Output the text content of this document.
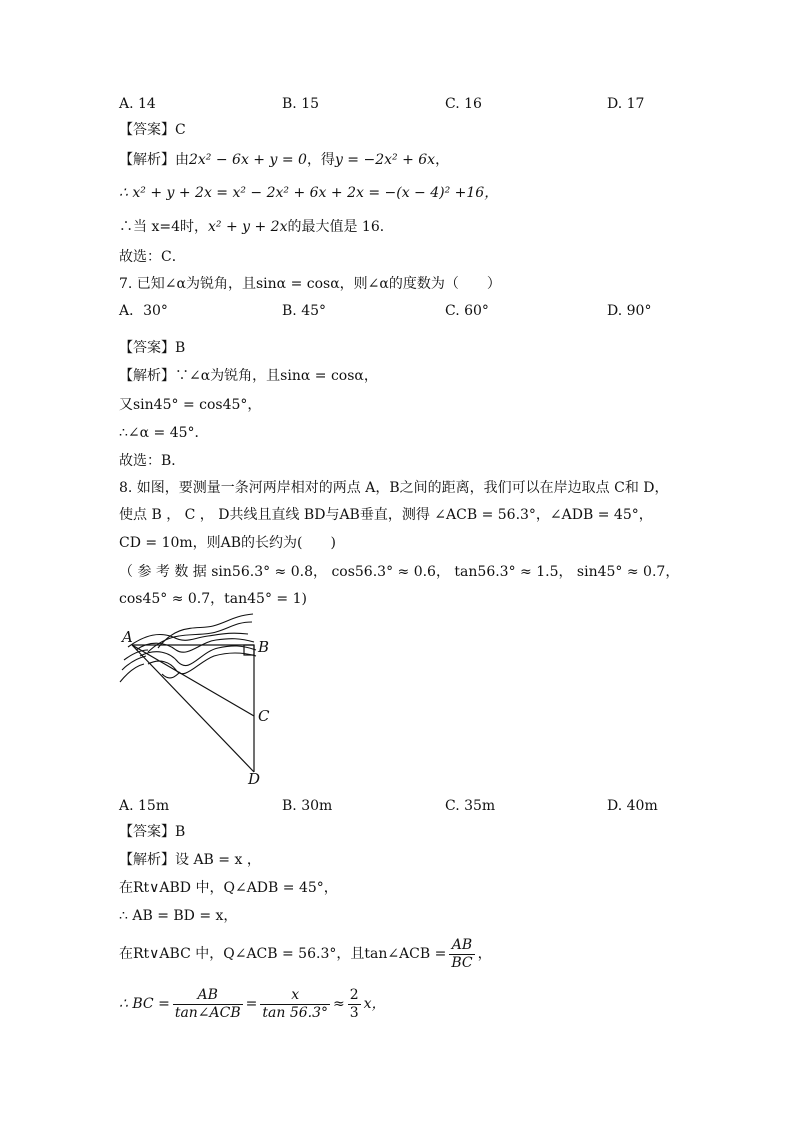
A. 14	B. 15	C. 16	D. 17
【答案】C
【解析】由2x² − 6x + y = 0，得y = −2x² + 6x，
∴ x² + y + 2x = x² − 2x² + 6x + 2x = −(x − 4)² +16，
∴当 x=4时，x² + y + 2x的最大值是 16．
故选：C．
7. 已知∠α为锐角，且sinα = cosα，则∠α的度数为（　　）
A．30°	B. 45°	C. 60°	D. 90°
【答案】B
【解析】∵∠α为锐角，且sinα = cosα，
又sin45° = cos45°，
∴∠α = 45°．
故选：B．
8. 如图，要测量一条河两岸相对的两点 A，B之间的距离，我们可以在岸边取点 C和 D，
使点 B ， C ， D共线且直线 BD与AB垂直，测得 ∠ACB = 56.3°，∠ADB = 45°，
CD = 10m，则AB的长约为(　　)
（ 参 考 数 据 sin56.3° ≈ 0.8， cos56.3° ≈ 0.6， tan56.3° ≈ 1.5， sin45° ≈ 0.7，
cos45° ≈ 0.7，tan45° = 1)
A
B
C
D
A. 15m	B. 30m	C. 35m	D. 40m
【答案】B
【解析】设 AB = x ，
在Rt∨ABD 中，Q∠ADB = 45°，
∴ AB = BD = x，
在Rt∨ABC 中，Q∠ACB = 56.3°，且tan∠ACB = $\frac{AB}{BC}$ ，
∴ BC = $\frac{AB}{\text{tan∠ACB}} = \frac{x}{\tan 56.3^\circ} \approx \frac{2}{3}$ x，
